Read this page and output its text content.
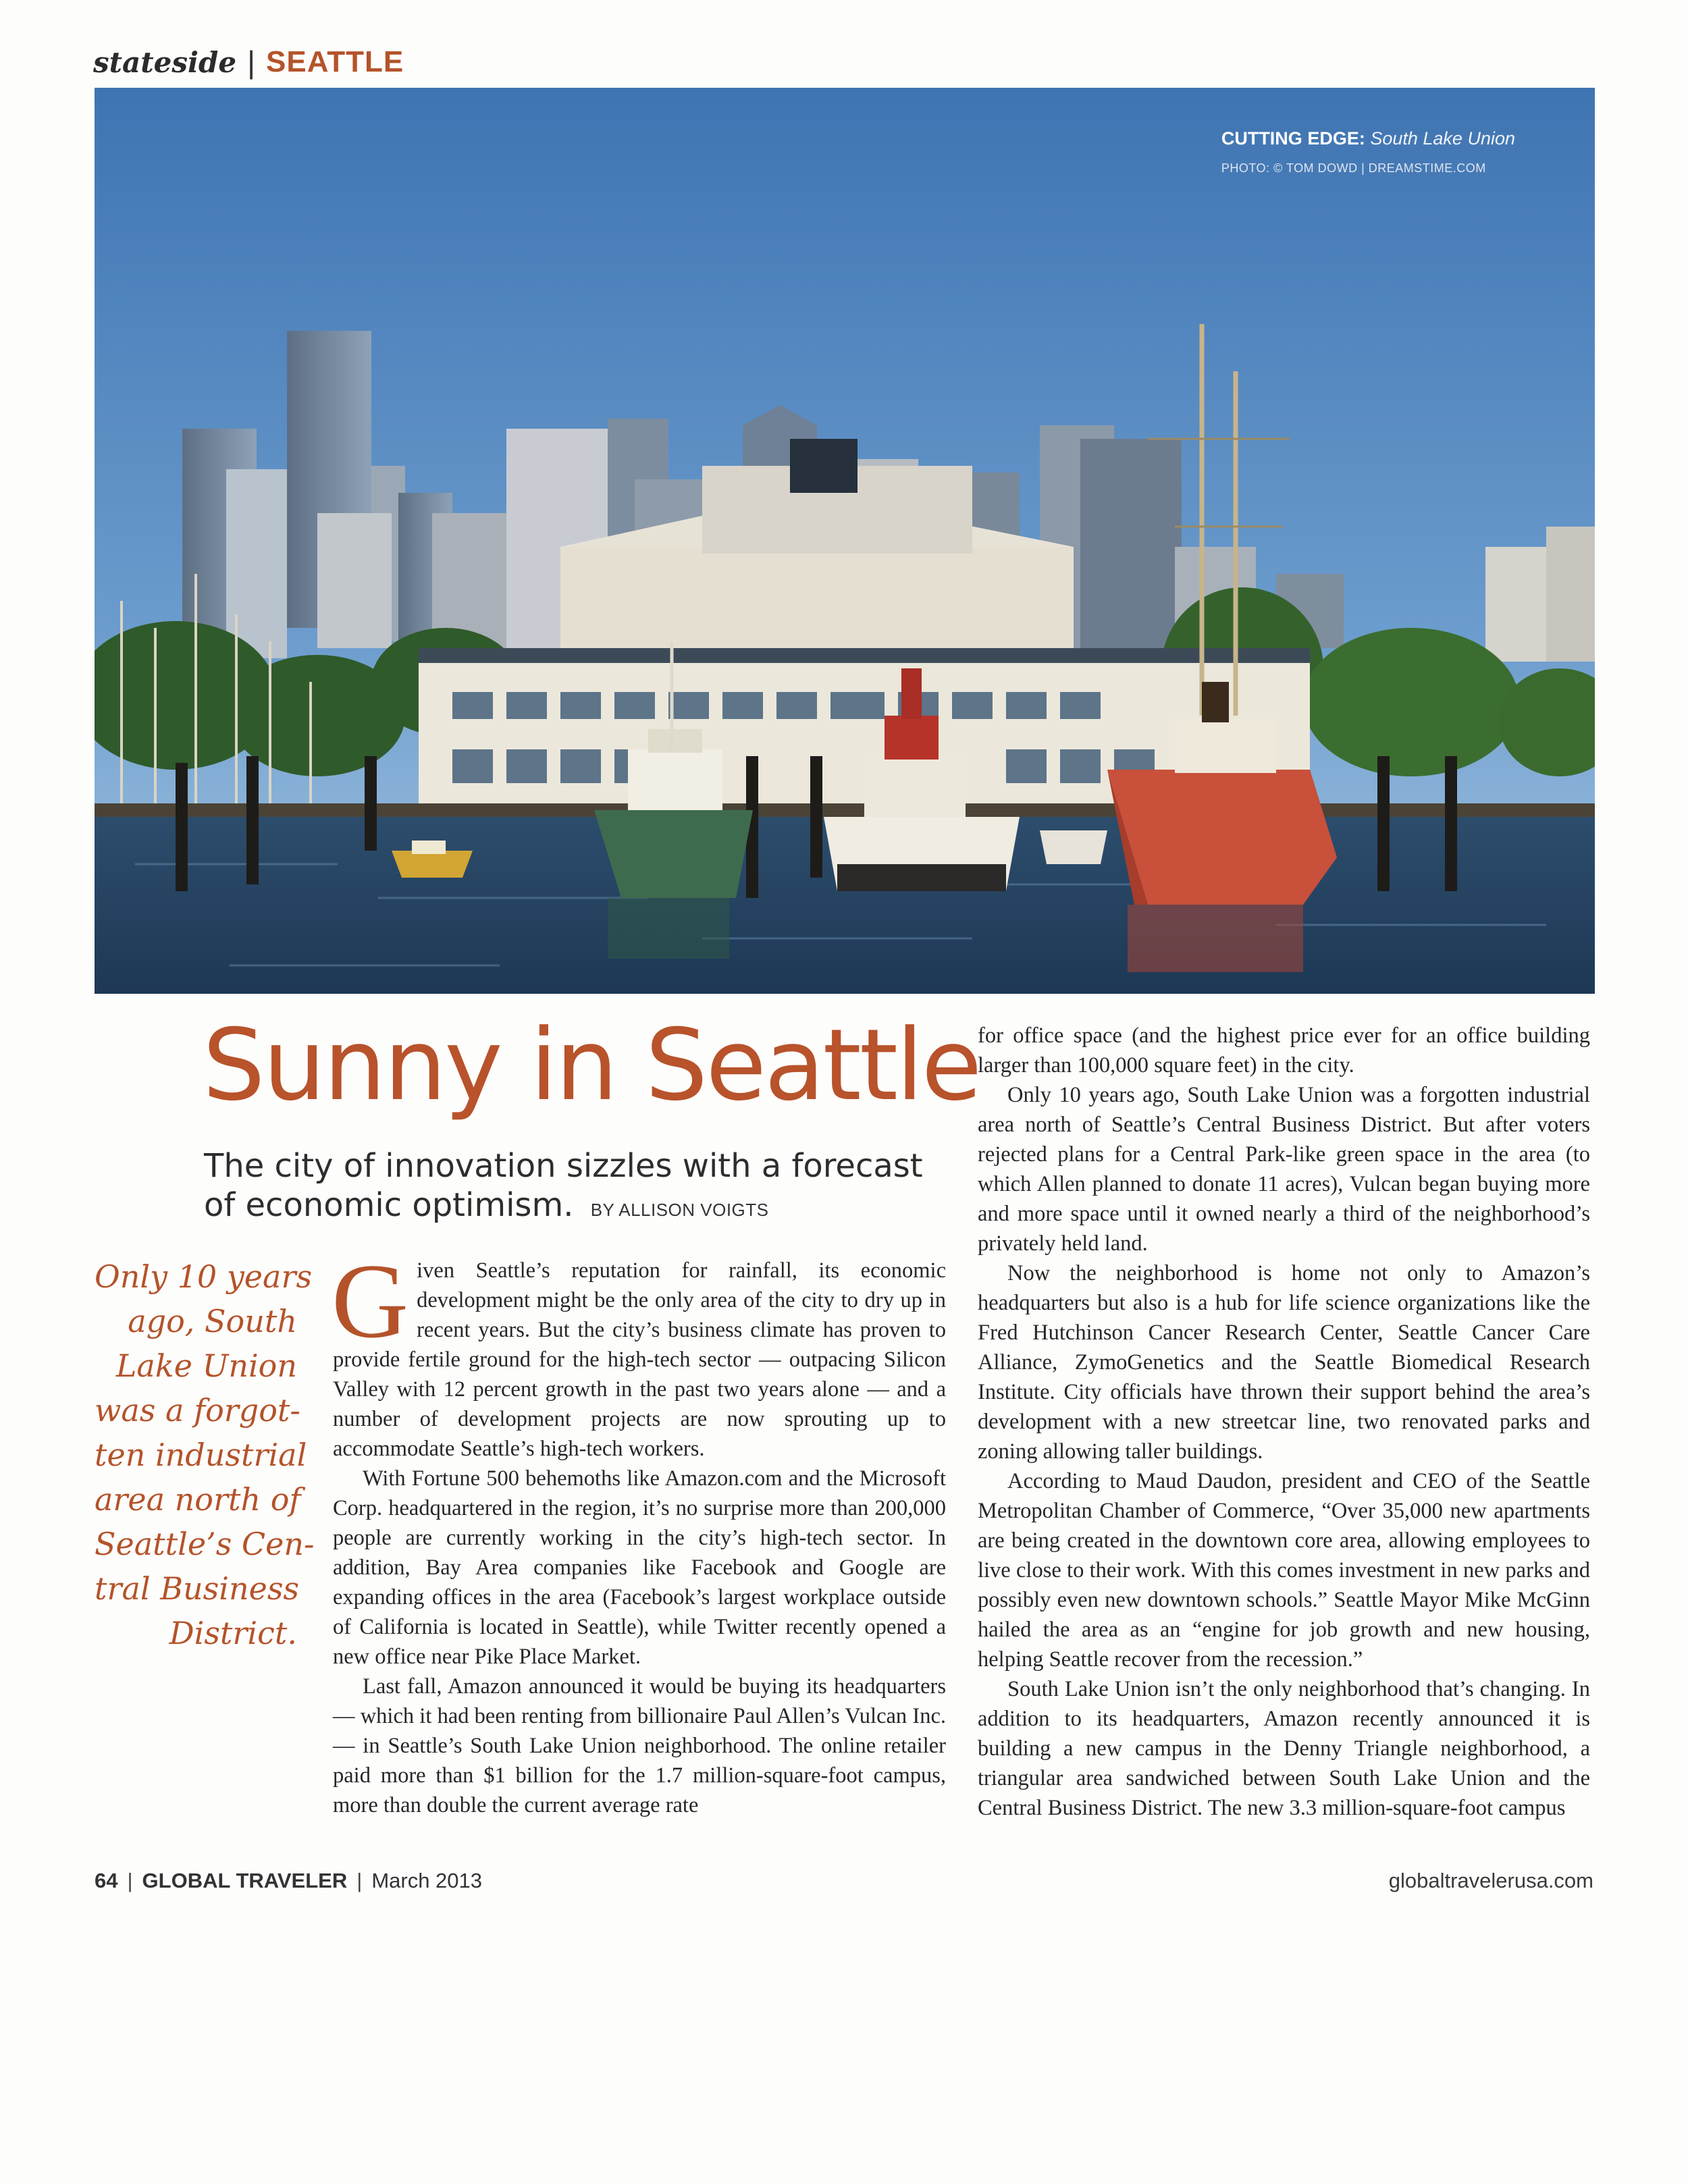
stateside | SEATTLE
CUTTING EDGE: South Lake Union
PHOTO: © TOM DOWD | DREAMSTIME.COM
Sunny in Seattle
The city of innovation sizzles with a forecast of economic optimism. BY ALLISON VOIGTS
Only 10 years
ago, South
Lake Union
was a forgot-
ten industrial
area north of
Seattle’s Cen-
tral Business
District.

Given Seattle’s reputation for rainfall, its economic development might be the only area of the city to dry up in recent years. But the city’s business climate has proven to provide fertile ground for the high-tech sector — outpacing Silicon Valley with 12 percent growth in the past two years alone — and a number of development projects are now sprouting up to accommodate Seattle’s high-tech workers.

With Fortune 500 behemoths like Amazon.com and the Microsoft Corp. headquartered in the region, it’s no surprise more than 200,000 people are currently working in the city’s high-tech sector. In addition, Bay Area companies like Facebook and Google are expanding offices in the area (Facebook’s largest workplace outside of California is located in Seattle), while Twitter recently opened a new office near Pike Place Market.

Last fall, Amazon announced it would be buying its headquarters — which it had been renting from billionaire Paul Allen’s Vulcan Inc. — in Seattle’s South Lake Union neighborhood. The online retailer paid more than $1 billion for the 1.7 million-square-foot campus, more than double the current average rate

for office space (and the highest price ever for an office building larger than 100,000 square feet) in the city.

Only 10 years ago, South Lake Union was a forgotten industrial area north of Seattle’s Central Business District. But after voters rejected plans for a Central Park-like green space in the area (to which Allen planned to donate 11 acres), Vulcan began buying more and more space until it owned nearly a third of the neighborhood’s privately held land.

Now the neighborhood is home not only to Amazon’s headquarters but also is a hub for life science organizations like the Fred Hutchinson Cancer Research Center, Seattle Cancer Care Alliance, ZymoGenetics and the Seattle Biomedical Research Institute. City officials have thrown their support behind the area’s development with a new streetcar line, two renovated parks and zoning allowing taller buildings.

According to Maud Daudon, president and CEO of the Seattle Metropolitan Chamber of Commerce, “Over 35,000 new apartments are being created in the downtown core area, allowing employees to live close to their work. With this comes investment in new parks and possibly even new downtown schools.” Seattle Mayor Mike McGinn hailed the area as an “engine for job growth and new housing, helping Seattle recover from the recession.”

South Lake Union isn’t the only neighborhood that’s changing. In addition to its headquarters, Amazon recently announced it is building a new campus in the Denny Triangle neighborhood, a triangular area sandwiched between South Lake Union and the Central Business District. The new 3.3 million-square-foot campus

64 | GLOBAL TRAVELER | March 2013	globaltravelerusa.com
